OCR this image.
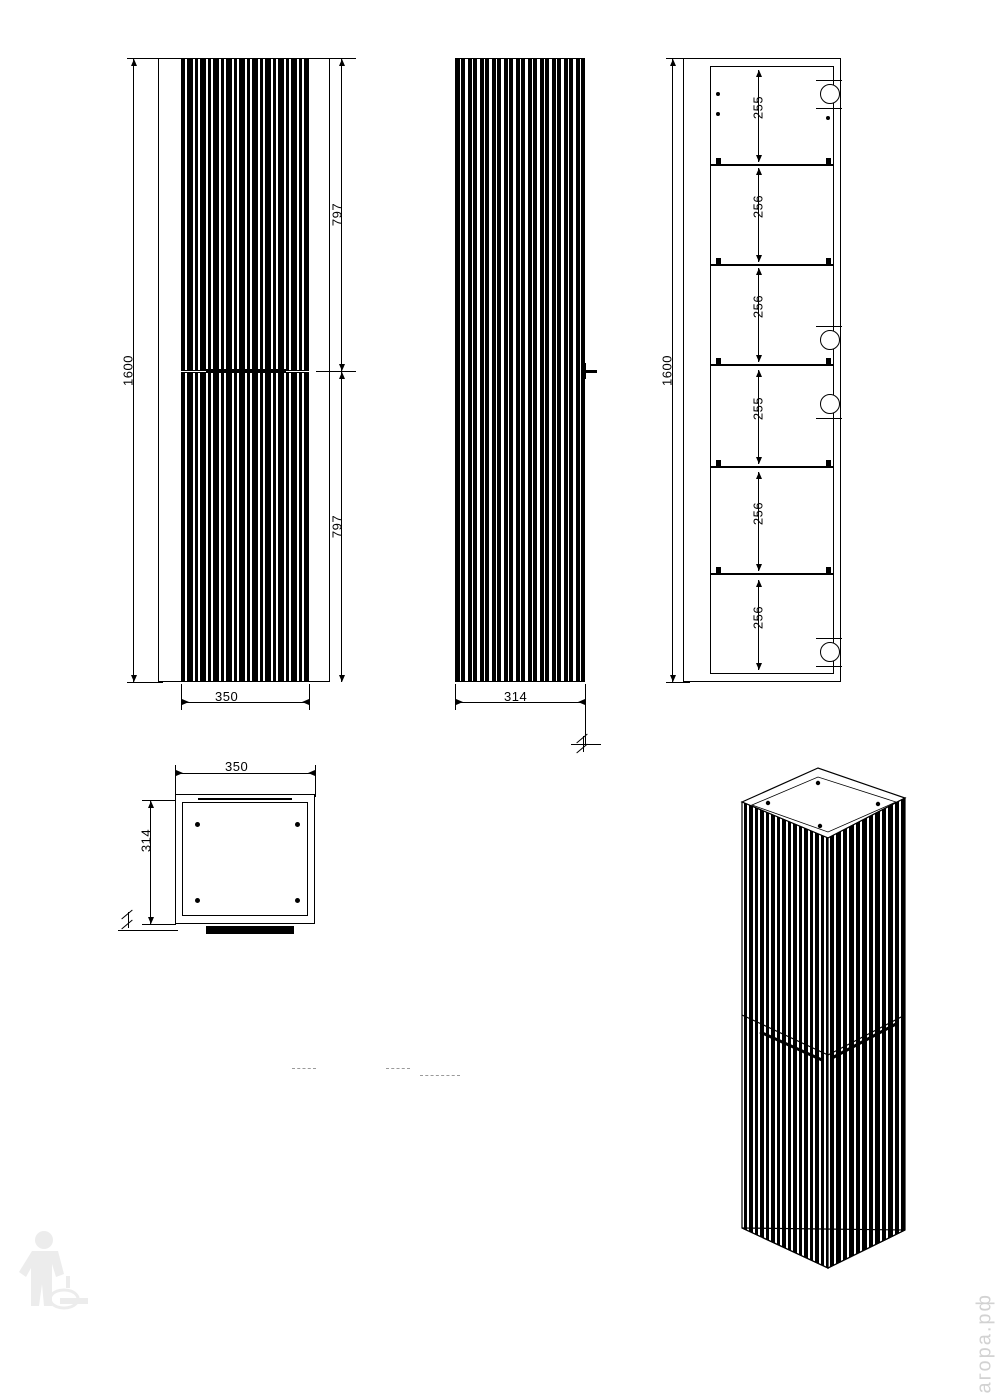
1600
797
797
350	314
1600
255
256
256
255
256
256
350
314
агора.рф
